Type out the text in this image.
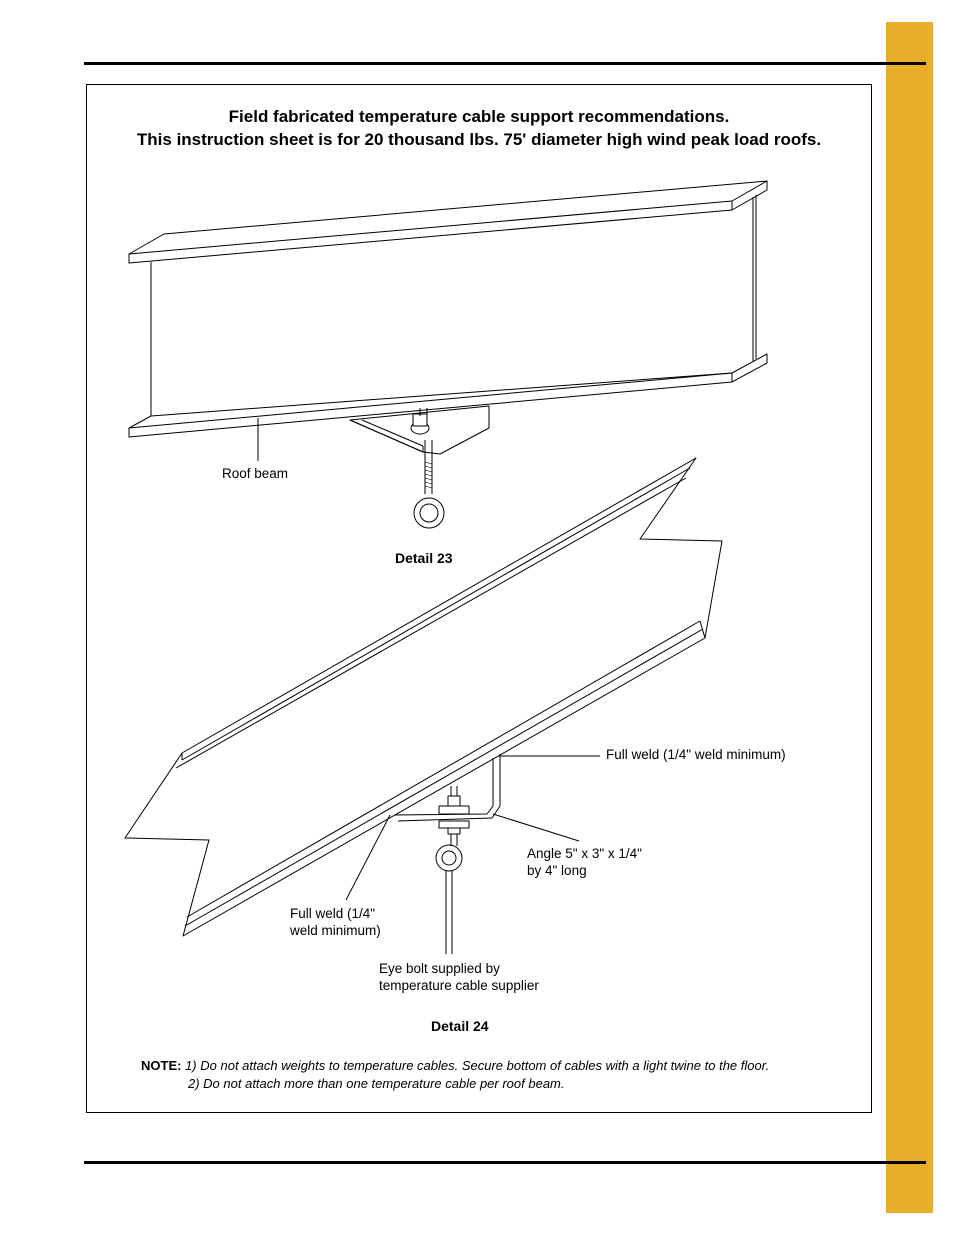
Field fabricated temperature cable support recommendations.

This instruction sheet is for 20 thousand lbs. 75' diameter high wind peak load roofs.

Roof beam

Detail 23

Full weld (1/4" weld minimum)

Angle 5" x 3" x 1/4"

by 4" long

Full weld (1/4"

weld minimum)

Eye bolt supplied by

temperature cable supplier

Detail 24

NOTE: 1) Do not attach weights to temperature cables. Secure bottom of cables with a light twine to the floor.

2) Do not attach more than one temperature cable per roof beam.
